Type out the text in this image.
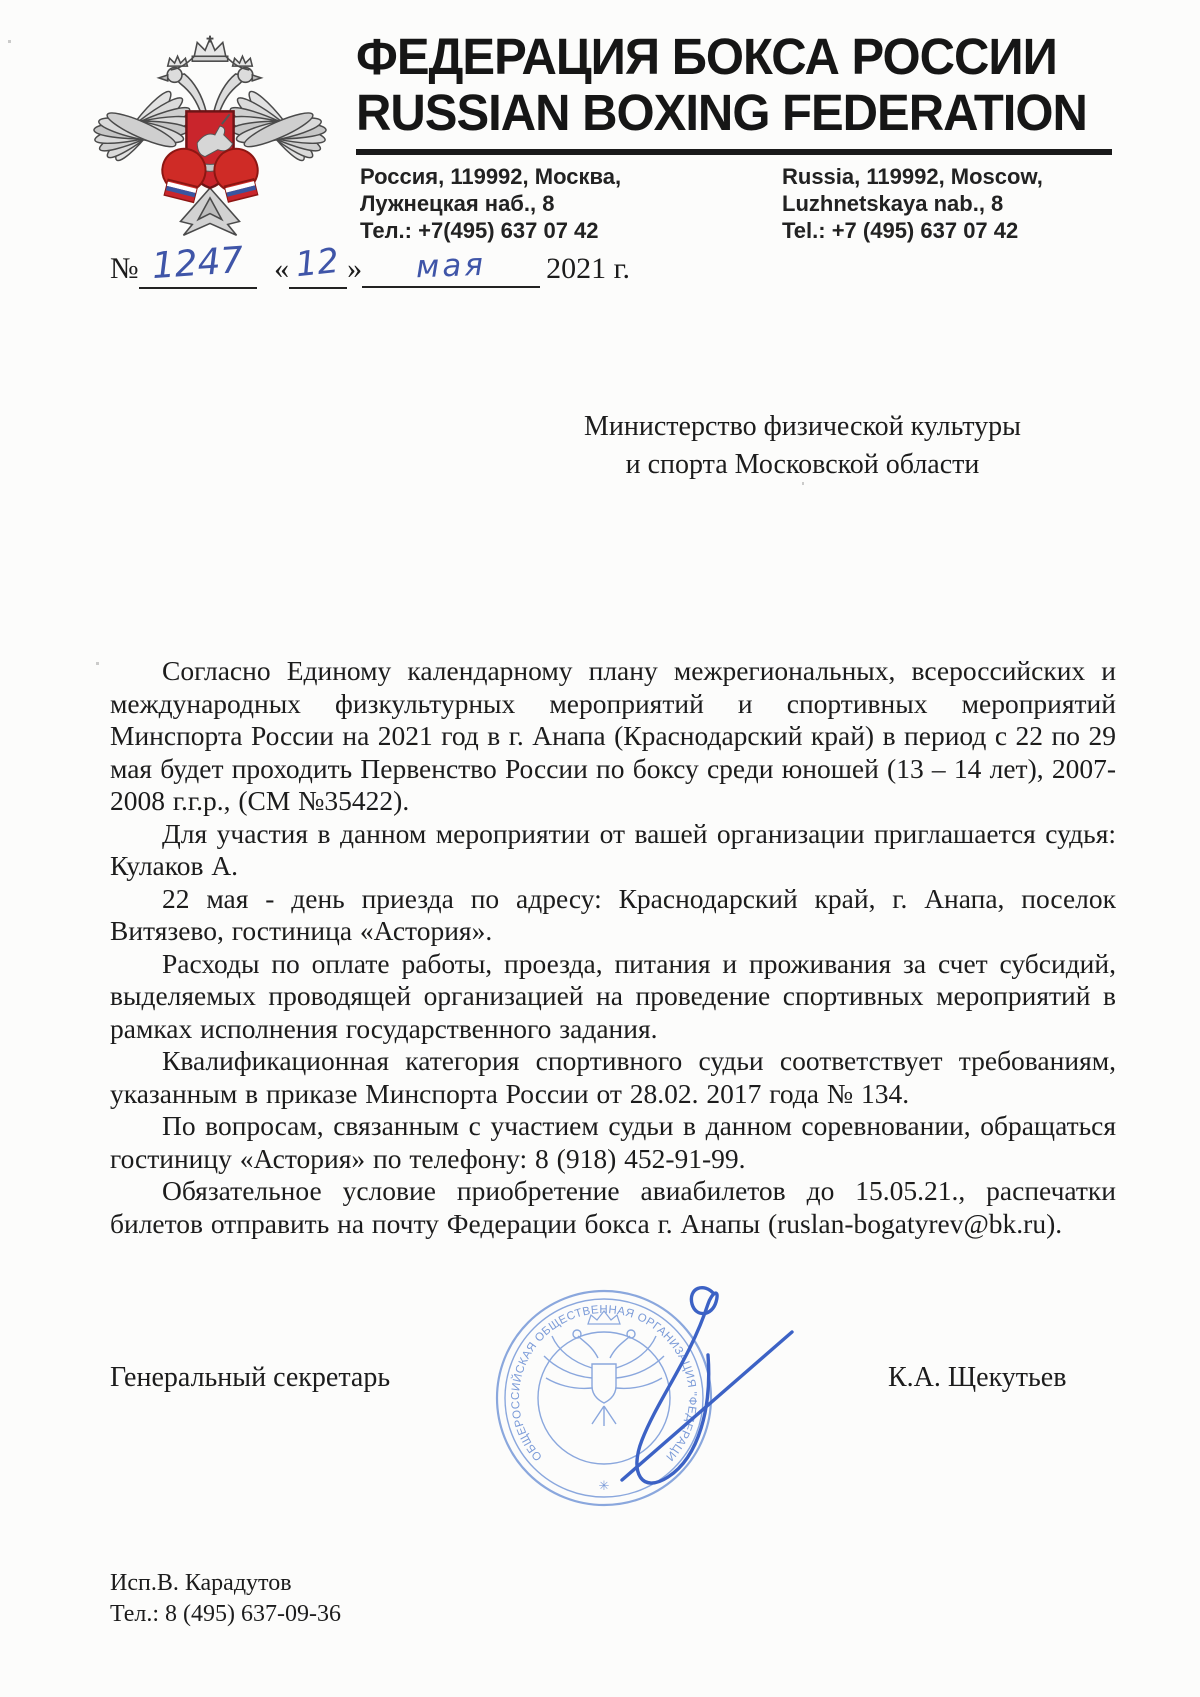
ФЕДЕРАЦИЯ БОКСА РОССИИ
RUSSIAN BOXING FEDERATION
Россия, 119992, Москва,
Лужнецкая наб., 8
Тел.: +7(495) 637 07 42
Russia, 119992, Moscow,
Luzhnetskaya nab., 8
Tel.: +7 (495) 637 07 42
№ 1247 « 12 » мая 2021 г.
Министерство физической культуры
и спорта Московской области

Согласно Единому календарному плану межрегиональных, всероссийских и международных физкультурных мероприятий и спортивных мероприятий Минспорта России на 2021 год в г. Анапа (Краснодарский край) в период с 22 по 29 мая будет проходить Первенство России по боксу среди юношей (13 – 14 лет), 2007-2008 г.г.р., (СМ №35422).

Для участия в данном мероприятии от вашей организации приглашается судья: Кулаков А.

22 мая - день приезда по адресу: Краснодарский край, г. Анапа, поселок Витязево, гостиница «Астория».

Расходы по оплате работы, проезда, питания и проживания за счет субсидий, выделяемых проводящей организацией на проведение спортивных мероприятий в рамках исполнения государственного задания.

Квалификационная категория спортивного судьи соответствует требованиям, указанным в приказе Минспорта России от 28.02. 2017 года № 134.

По вопросам, связанным с участием судьи в данном соревновании, обращаться гостиницу «Астория» по телефону: 8 (918) 452-91-99.

Обязательное условие приобретение авиабилетов до 15.05.21., распечатки билетов отправить на почту Федерации бокса г. Анапы (ruslan-bogatyrev@bk.ru).

Генеральный секретарь	К.А. Щекутьев
ОБЩЕРОССИЙСКАЯ ОБЩЕСТВЕННАЯ ОРГАНИЗАЦИЯ "ФЕДЕРАЦИЯ БОКСА РОССИИ"
✳
Исп.В. Карадутов
Тел.: 8 (495) 637-09-36
